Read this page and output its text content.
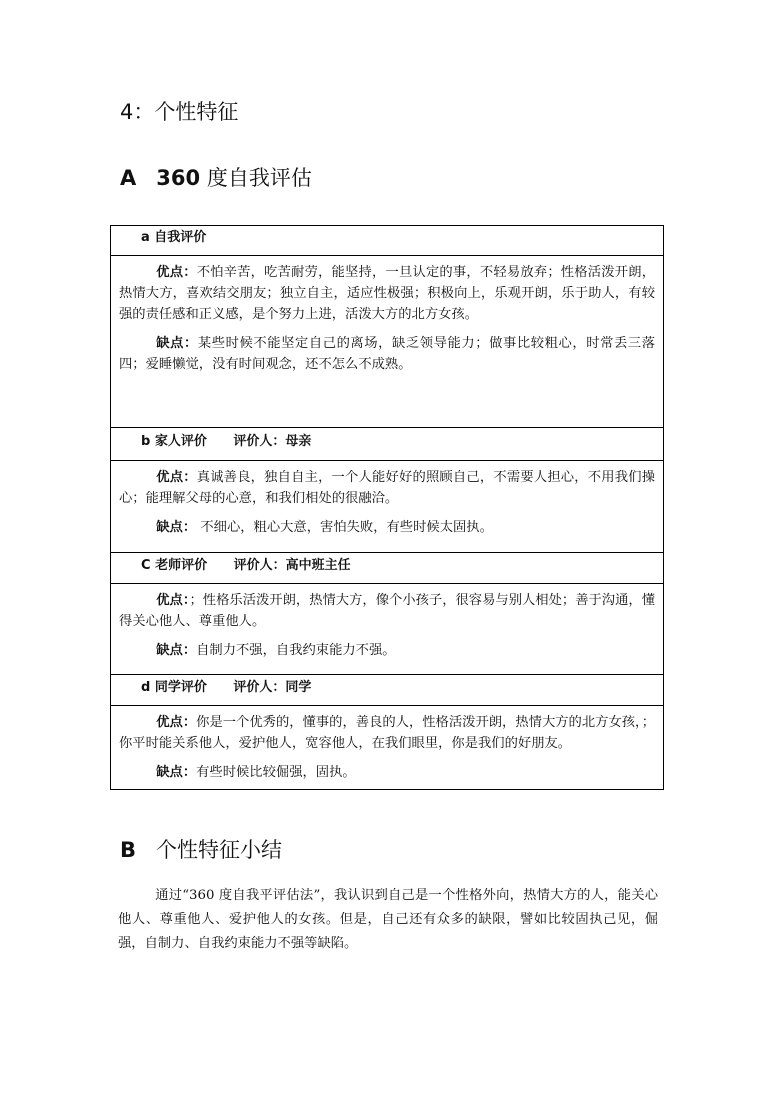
4：个性特征
A 360 度自我评估
a 自我评价

优点：不怕辛苦，吃苦耐劳，能坚持，一旦认定的事，不轻易放弃；性格活泼开朗，热情大方，喜欢结交朋友；独立自主，适应性极强；积极向上，乐观开朗，乐于助人，有较强的责任感和正义感，是个努力上进，活泼大方的北方女孩。

缺点：某些时候不能坚定自己的离场，缺乏领导能力；做事比较粗心，时常丢三落四；爱睡懒觉，没有时间观念，还不怎么不成熟。

b 家人评价 评价人：母亲

优点：真诚善良，独自自主，一个人能好好的照顾自己，不需要人担心，不用我们操心；能理解父母的心意，和我们相处的很融洽。

缺点： 不细心，粗心大意，害怕失败，有些时候太固执。

C 老师评价 评价人：高中班主任

优点：；性格乐活泼开朗，热情大方，像个小孩子，很容易与别人相处；善于沟通，懂得关心他人、尊重他人。

缺点：自制力不强，自我约束能力不强。

d 同学评价 评价人：同学

优点：你是一个优秀的，懂事的，善良的人，性格活泼开朗，热情大方的北方女孩，；你平时能关系他人，爱护他人，宽容他人，在我们眼里，你是我们的好朋友。

缺点：有些时候比较倔强，固执。

B 个性特征小结

通过“360 度自我平评估法”，我认识到自己是一个性格外向，热情大方的人，能关心他人、尊重他人、爱护他人的女孩。但是，自己还有众多的缺限，譬如比较固执己见，倔强，自制力、自我约束能力不强等缺陷。
